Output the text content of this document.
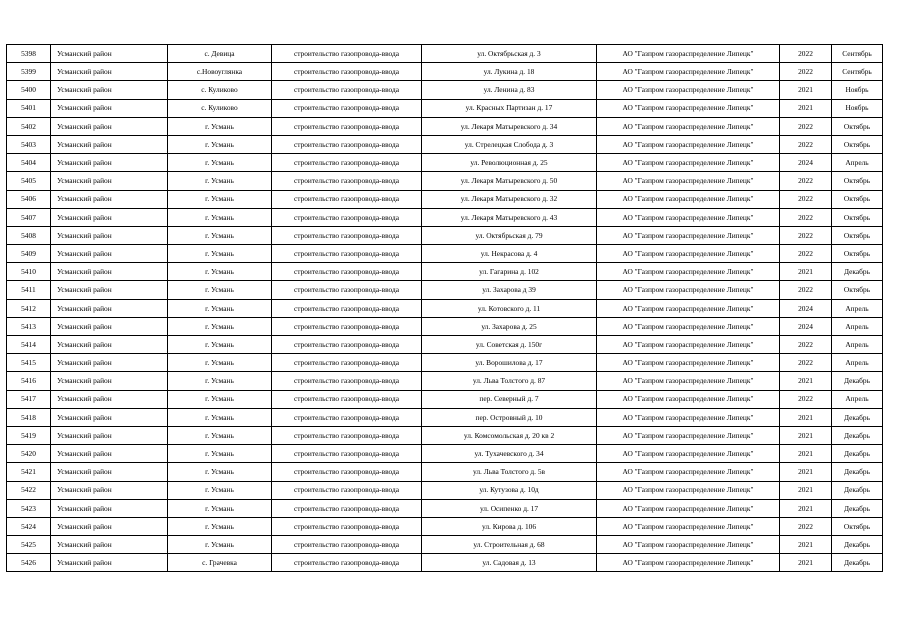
5398	Усманский район	с. Девица	строительство газопровода-ввода	ул. Октябрьская д. 3	АО "Газпром газораспределение Липецк"	2022	Сентябрь
5399	Усманский район	с.Новоуглянка	строительство газопровода-ввода	ул. Лукина д. 18	АО "Газпром газораспределение Липецк"	2022	Сентябрь
5400	Усманский район	с. Куликово	строительство газопровода-ввода	ул. Ленина д. 83	АО "Газпром газораспределение Липецк"	2021	Ноябрь
5401	Усманский район	с. Куликово	строительство газопровода-ввода	ул. Красных Партизан д. 17	АО "Газпром газораспределение Липецк"	2021	Ноябрь
5402	Усманский район	г. Усмань	строительство газопровода-ввода	ул. Лекаря Матыревского д. 34	АО "Газпром газораспределение Липецк"	2022	Октябрь
5403	Усманский район	г. Усмань	строительство газопровода-ввода	ул. Стрелецкая Слобода д. 3	АО "Газпром газораспределение Липецк"	2022	Октябрь
5404	Усманский район	г. Усмань	строительство газопровода-ввода	ул. Революционная д. 25	АО "Газпром газораспределение Липецк"	2024	Апрель
5405	Усманский район	г. Усмань	строительство газопровода-ввода	ул. Лекаря Матыревского д. 50	АО "Газпром газораспределение Липецк"	2022	Октябрь
5406	Усманский район	г. Усмань	строительство газопровода-ввода	ул. Лекаря Матыревского д. 32	АО "Газпром газораспределение Липецк"	2022	Октябрь
5407	Усманский район	г. Усмань	строительство газопровода-ввода	ул. Лекаря Матыревского д. 43	АО "Газпром газораспределение Липецк"	2022	Октябрь
5408	Усманский район	г. Усмань	строительство газопровода-ввода	ул. Октябрьская д. 79	АО "Газпром газораспределение Липецк"	2022	Октябрь
5409	Усманский район	г. Усмань	строительство газопровода-ввода	ул. Некрасова д. 4	АО "Газпром газораспределение Липецк"	2022	Октябрь
5410	Усманский район	г. Усмань	строительство газопровода-ввода	ул. Гагарина д. 102	АО "Газпром газораспределение Липецк"	2021	Декабрь
5411	Усманский район	г. Усмань	строительство газопровода-ввода	ул. Захарова д 39	АО "Газпром газораспределение Липецк"	2022	Октябрь
5412	Усманский район	г. Усмань	строительство газопровода-ввода	ул. Котовского д. 11	АО "Газпром газораспределение Липецк"	2024	Апрель
5413	Усманский район	г. Усмань	строительство газопровода-ввода	ул. Захарова д. 25	АО "Газпром газораспределение Липецк"	2024	Апрель
5414	Усманский район	г. Усмань	строительство газопровода-ввода	ул. Советская д. 150г	АО "Газпром газораспределение Липецк"	2022	Апрель
5415	Усманский район	г. Усмань	строительство газопровода-ввода	ул. Ворошилова д. 17	АО "Газпром газораспределение Липецк"	2022	Апрель
5416	Усманский район	г. Усмань	строительство газопровода-ввода	ул. Льва Толстого д. 87	АО "Газпром газораспределение Липецк"	2021	Декабрь
5417	Усманский район	г. Усмань	строительство газопровода-ввода	пер. Северный д. 7	АО "Газпром газораспределение Липецк"	2022	Апрель
5418	Усманский район	г. Усмань	строительство газопровода-ввода	пер. Островный д. 10	АО "Газпром газораспределение Липецк"	2021	Декабрь
5419	Усманский район	г. Усмань	строительство газопровода-ввода	ул. Комсомольская д. 20 кв 2	АО "Газпром газораспределение Липецк"	2021	Декабрь
5420	Усманский район	г. Усмань	строительство газопровода-ввода	ул. Тухачевского д. 34	АО "Газпром газораспределение Липецк"	2021	Декабрь
5421	Усманский район	г. Усмань	строительство газопровода-ввода	ул. Льва Толстого д. 5в	АО "Газпром газораспределение Липецк"	2021	Декабрь
5422	Усманский район	г. Усмань	строительство газопровода-ввода	ул. Кутузова д. 10д	АО "Газпром газораспределение Липецк"	2021	Декабрь
5423	Усманский район	г. Усмань	строительство газопровода-ввода	ул. Осипенко д. 17	АО "Газпром газораспределение Липецк"	2021	Декабрь
5424	Усманский район	г. Усмань	строительство газопровода-ввода	ул. Кирова д. 106	АО "Газпром газораспределение Липецк"	2022	Октябрь
5425	Усманский район	г. Усмань	строительство газопровода-ввода	ул. Строительная д. 68	АО "Газпром газораспределение Липецк"	2021	Декабрь
5426	Усманский район	с. Грачевка	строительство газопровода-ввода	ул. Садовая д. 13	АО "Газпром газораспределение Липецк"	2021	Декабрь
